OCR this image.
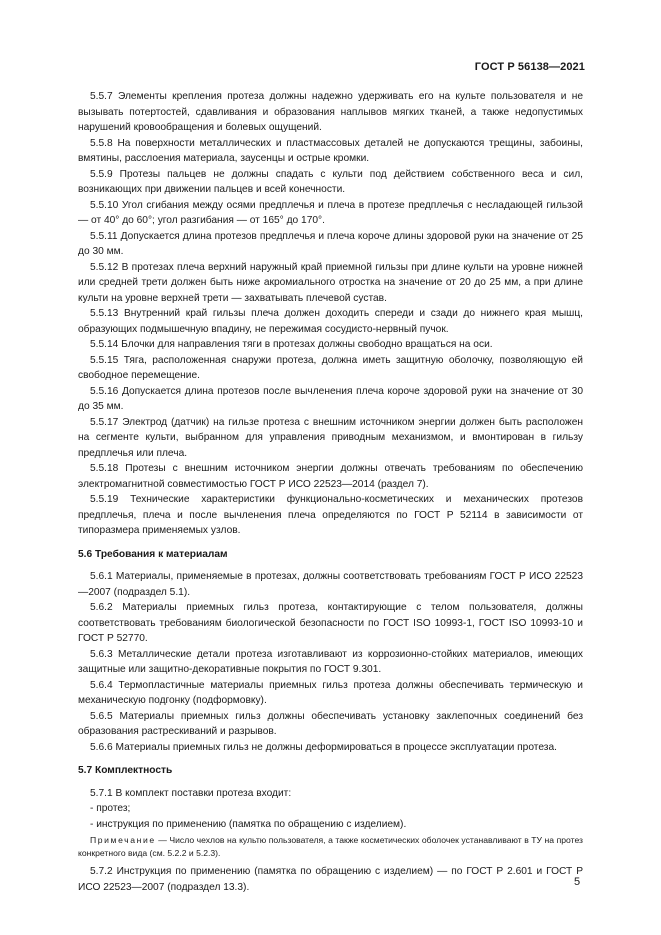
ГОСТ Р 56138—2021
5.5.7 Элементы крепления протеза должны надежно удерживать его на культе пользователя и не вызывать потертостей, сдавливания и образования наплывов мягких тканей, а также недопустимых нарушений кровообращения и болевых ощущений.
5.5.8 На поверхности металлических и пластмассовых деталей не допускаются трещины, забоины, вмятины, расслоения материала, заусенцы и острые кромки.
5.5.9 Протезы пальцев не должны спадать с культи под действием собственного веса и сил, возникающих при движении пальцев и всей конечности.
5.5.10 Угол сгибания между осями предплечья и плеча в протезе предплечья с несладающей гильзой — от 40° до 60°; угол разгибания — от 165° до 170°.
5.5.11 Допускается длина протезов предплечья и плеча короче длины здоровой руки на значение от 25 до 30 мм.
5.5.12 В протезах плеча верхний наружный край приемной гильзы при длине культи на уровне нижней или средней трети должен быть ниже акромиального отростка на значение от 20 до 25 мм, а при длине культи на уровне верхней трети — захватывать плечевой сустав.
5.5.13 Внутренний край гильзы плеча должен доходить спереди и сзади до нижнего края мышц, образующих подмышечную впадину, не пережимая сосудисто-нервный пучок.
5.5.14 Блочки для направления тяги в протезах должны свободно вращаться на оси.
5.5.15 Тяга, расположенная снаружи протеза, должна иметь защитную оболочку, позволяющую ей свободное перемещение.
5.5.16 Допускается длина протезов после вычленения плеча короче здоровой руки на значение от 30 до 35 мм.
5.5.17 Электрод (датчик) на гильзе протеза с внешним источником энергии должен быть расположен на сегменте культи, выбранном для управления приводным механизмом, и вмонтирован в гильзу предплечья или плеча.
5.5.18 Протезы с внешним источником энергии должны отвечать требованиям по обеспечению электромагнитной совместимостью ГОСТ Р ИСО 22523—2014 (раздел 7).
5.5.19 Технические характеристики функционально-косметических и механических протезов предплечья, плеча и после вычленения плеча определяются по ГОСТ Р 52114 в зависимости от типоразмера применяемых узлов.
5.6 Требования к материалам
5.6.1 Материалы, применяемые в протезах, должны соответствовать требованиям ГОСТ Р ИСО 22523—2007 (подраздел 5.1).
5.6.2 Материалы приемных гильз протеза, контактирующие с телом пользователя, должны соответствовать требованиям биологической безопасности по ГОСТ ISO 10993-1, ГОСТ ISO 10993-10 и ГОСТ Р 52770.
5.6.3 Металлические детали протеза изготавливают из коррозионно-стойких материалов, имеющих защитные или защитно-декоративные покрытия по ГОСТ 9.301.
5.6.4 Термопластичные материалы приемных гильз протеза должны обеспечивать термическую и механическую подгонку (подформовку).
5.6.5 Материалы приемных гильз должны обеспечивать установку заклепочных соединений без образования растрескиваний и разрывов.
5.6.6 Материалы приемных гильз не должны деформироваться в процессе эксплуатации протеза.
5.7 Комплектность
5.7.1 В комплект поставки протеза входит:
- протез;
- инструкция по применению (памятка по обращению с изделием).
Примечание — Число чехлов на культю пользователя, а также косметических оболочек устанавливают в ТУ на протез конкретного вида (см. 5.2.2 и 5.2.3).
5.7.2 Инструкция по применению (памятка по обращению с изделием) — по ГОСТ Р 2.601 и ГОСТ Р ИСО 22523—2007 (подраздел 13.3).	5
